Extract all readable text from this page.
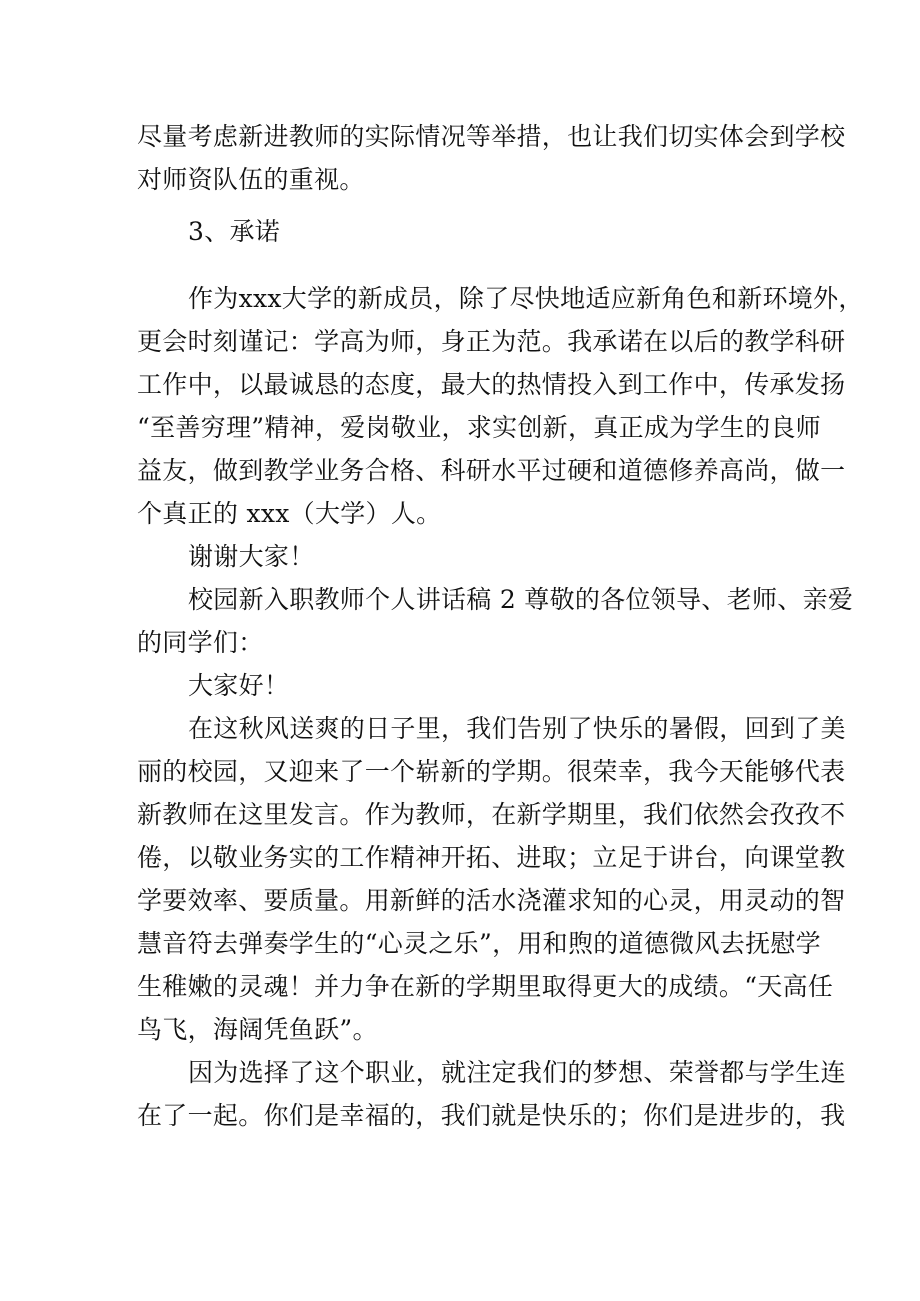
尽量考虑新进教师的实际情况等举措，也让我们切实体会到学校
对师资队伍的重视。
3、承诺
作为xxx大学的新成员，除了尽快地适应新角色和新环境外，
更会时刻谨记：学高为师，身正为范。我承诺在以后的教学科研
工作中，以最诚恳的态度，最大的热情投入到工作中，传承发扬
“至善穷理”精神，爱岗敬业，求实创新，真正成为学生的良师
益友，做到教学业务合格、科研水平过硬和道德修养高尚，做一
个真正的 xxx（大学）人。
谢谢大家！
校园新入职教师个人讲话稿 2 尊敬的各位领导、老师、亲爱
的同学们：
大家好！
在这秋风送爽的日子里，我们告别了快乐的暑假，回到了美
丽的校园，又迎来了一个崭新的学期。很荣幸，我今天能够代表
新教师在这里发言。作为教师，在新学期里，我们依然会孜孜不
倦，以敬业务实的工作精神开拓、进取；立足于讲台，向课堂教
学要效率、要质量。用新鲜的活水浇灌求知的心灵，用灵动的智
慧音符去弹奏学生的“心灵之乐”，用和煦的道德微风去抚慰学
生稚嫩的灵魂！并力争在新的学期里取得更大的成绩。“天高任
鸟飞，海阔凭鱼跃”。
因为选择了这个职业，就注定我们的梦想、荣誉都与学生连
在了一起。你们是幸福的，我们就是快乐的；你们是进步的，我
